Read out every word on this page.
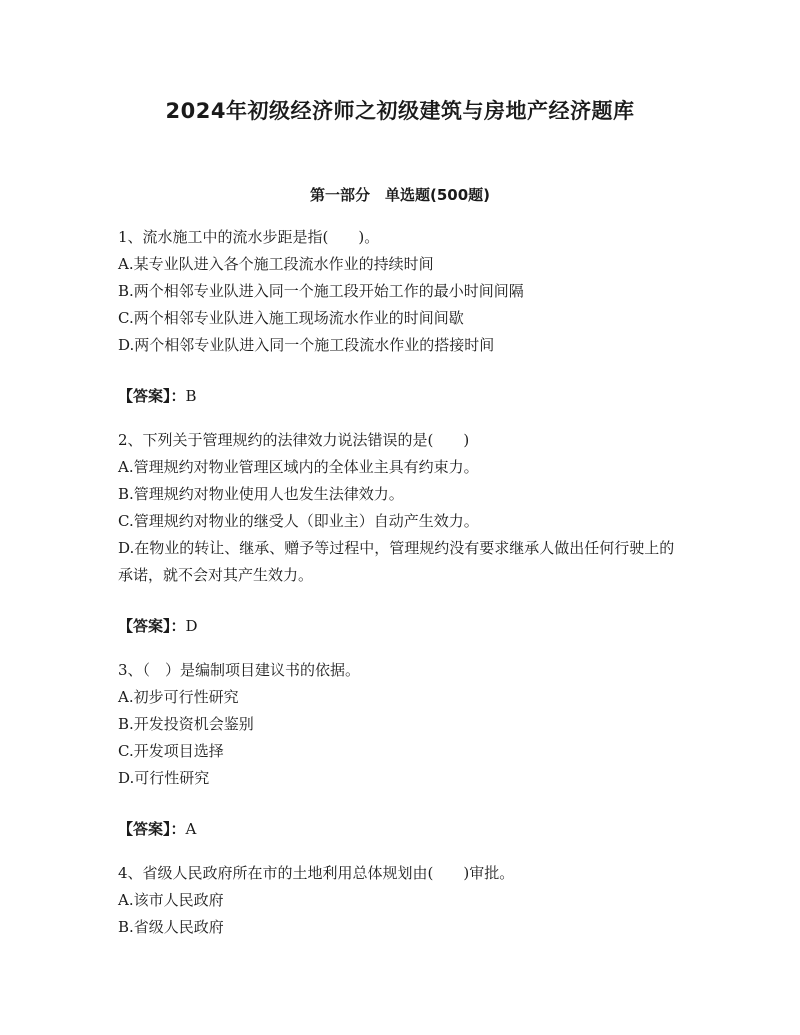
2024年初级经济师之初级建筑与房地产经济题库
第一部分　单选题(500题)
1、流水施工中的流水步距是指(　　)。
A.某专业队进入各个施工段流水作业的持续时间
B.两个相邻专业队进入同一个施工段开始工作的最小时间间隔
C.两个相邻专业队进入施工现场流水作业的时间间歇
D.两个相邻专业队进入同一个施工段流水作业的搭接时间
【答案】：B
2、下列关于管理规约的法律效力说法错误的是(　　)
A.管理规约对物业管理区域内的全体业主具有约束力。
B.管理规约对物业使用人也发生法律效力。
C.管理规约对物业的继受人（即业主）自动产生效力。
D.在物业的转让、继承、赠予等过程中，管理规约没有要求继承人做出任何行驶上的承诺，就不会对其产生效力。
【答案】：D
3、（　）是编制项目建议书的依据。
A.初步可行性研究
B.开发投资机会鉴别
C.开发项目选择
D.可行性研究
【答案】：A
4、省级人民政府所在市的土地利用总体规划由(　　)审批。
A.该市人民政府
B.省级人民政府
